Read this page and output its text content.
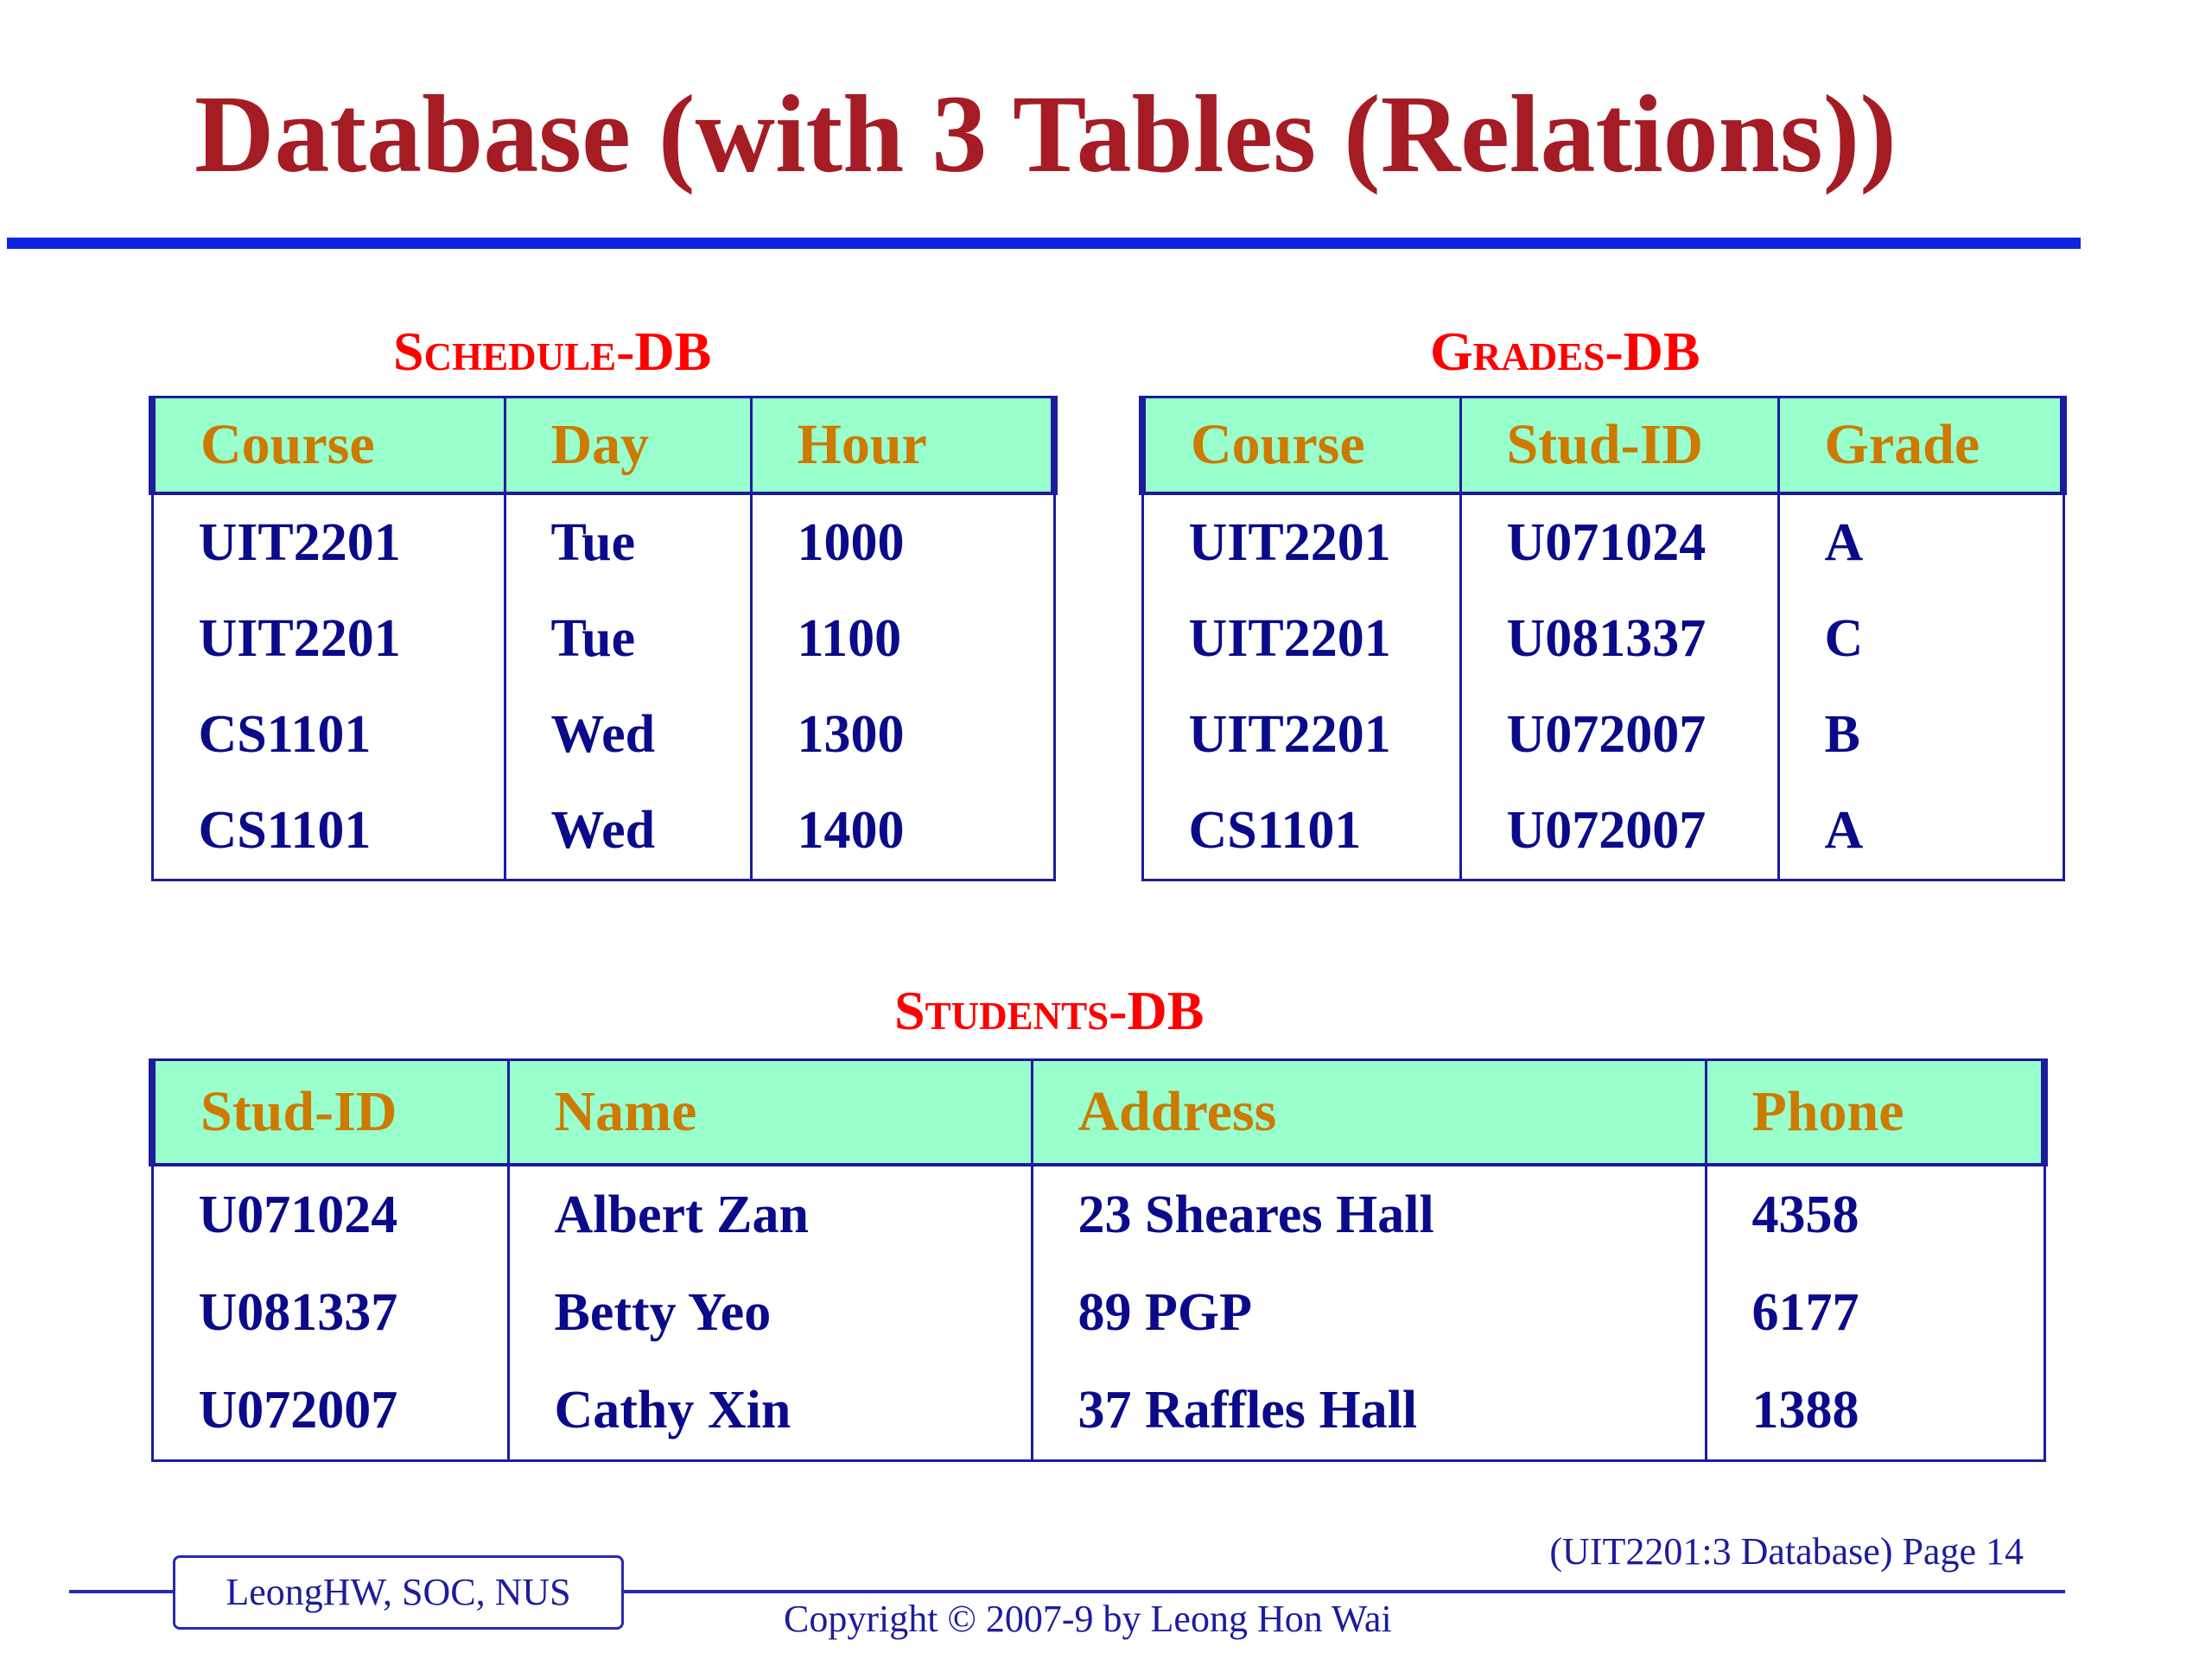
Database (with 3 Tables (Relations))
Schedule-DB
Course	Day	Hour
UIT2201	Tue	1000
UIT2201	Tue	1100
CS1101	Wed	1300
CS1101	Wed	1400
Grades-DB
Course	Stud-ID	Grade
UIT2201	U071024	A
UIT2201	U081337	C
UIT2201	U072007	B
CS1101	U072007	A
Students-DB
Stud-ID	Name	Address	Phone
U071024	Albert Zan	23 Sheares Hall	4358
U081337	Betty Yeo	89 PGP	6177
U072007	Cathy Xin	37 Raffles Hall	1388
(UIT2201:3 Database) Page 14
LeongHW, SOC, NUS
Copyright © 2007-9 by Leong Hon Wai
